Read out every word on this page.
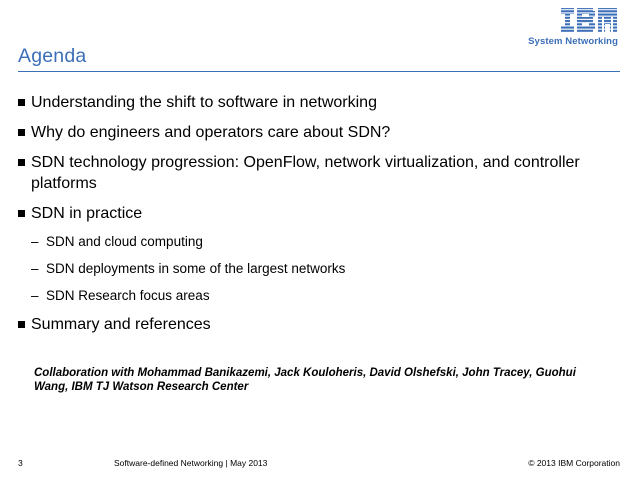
System Networking
Agenda
Understanding the shift to software in networking
Why do engineers and operators care about SDN?
SDN technology progression: OpenFlow, network virtualization, and controller platforms
SDN in practice
– SDN and cloud computing
– SDN deployments in some of the largest networks
– SDN Research focus areas
Summary and references
Collaboration with Mohammad Banikazemi, Jack Kouloheris, David Olshefski, John Tracey, Guohui Wang, IBM TJ Watson Research Center
3	Software-defined Networking | May 2013	© 2013 IBM Corporation
